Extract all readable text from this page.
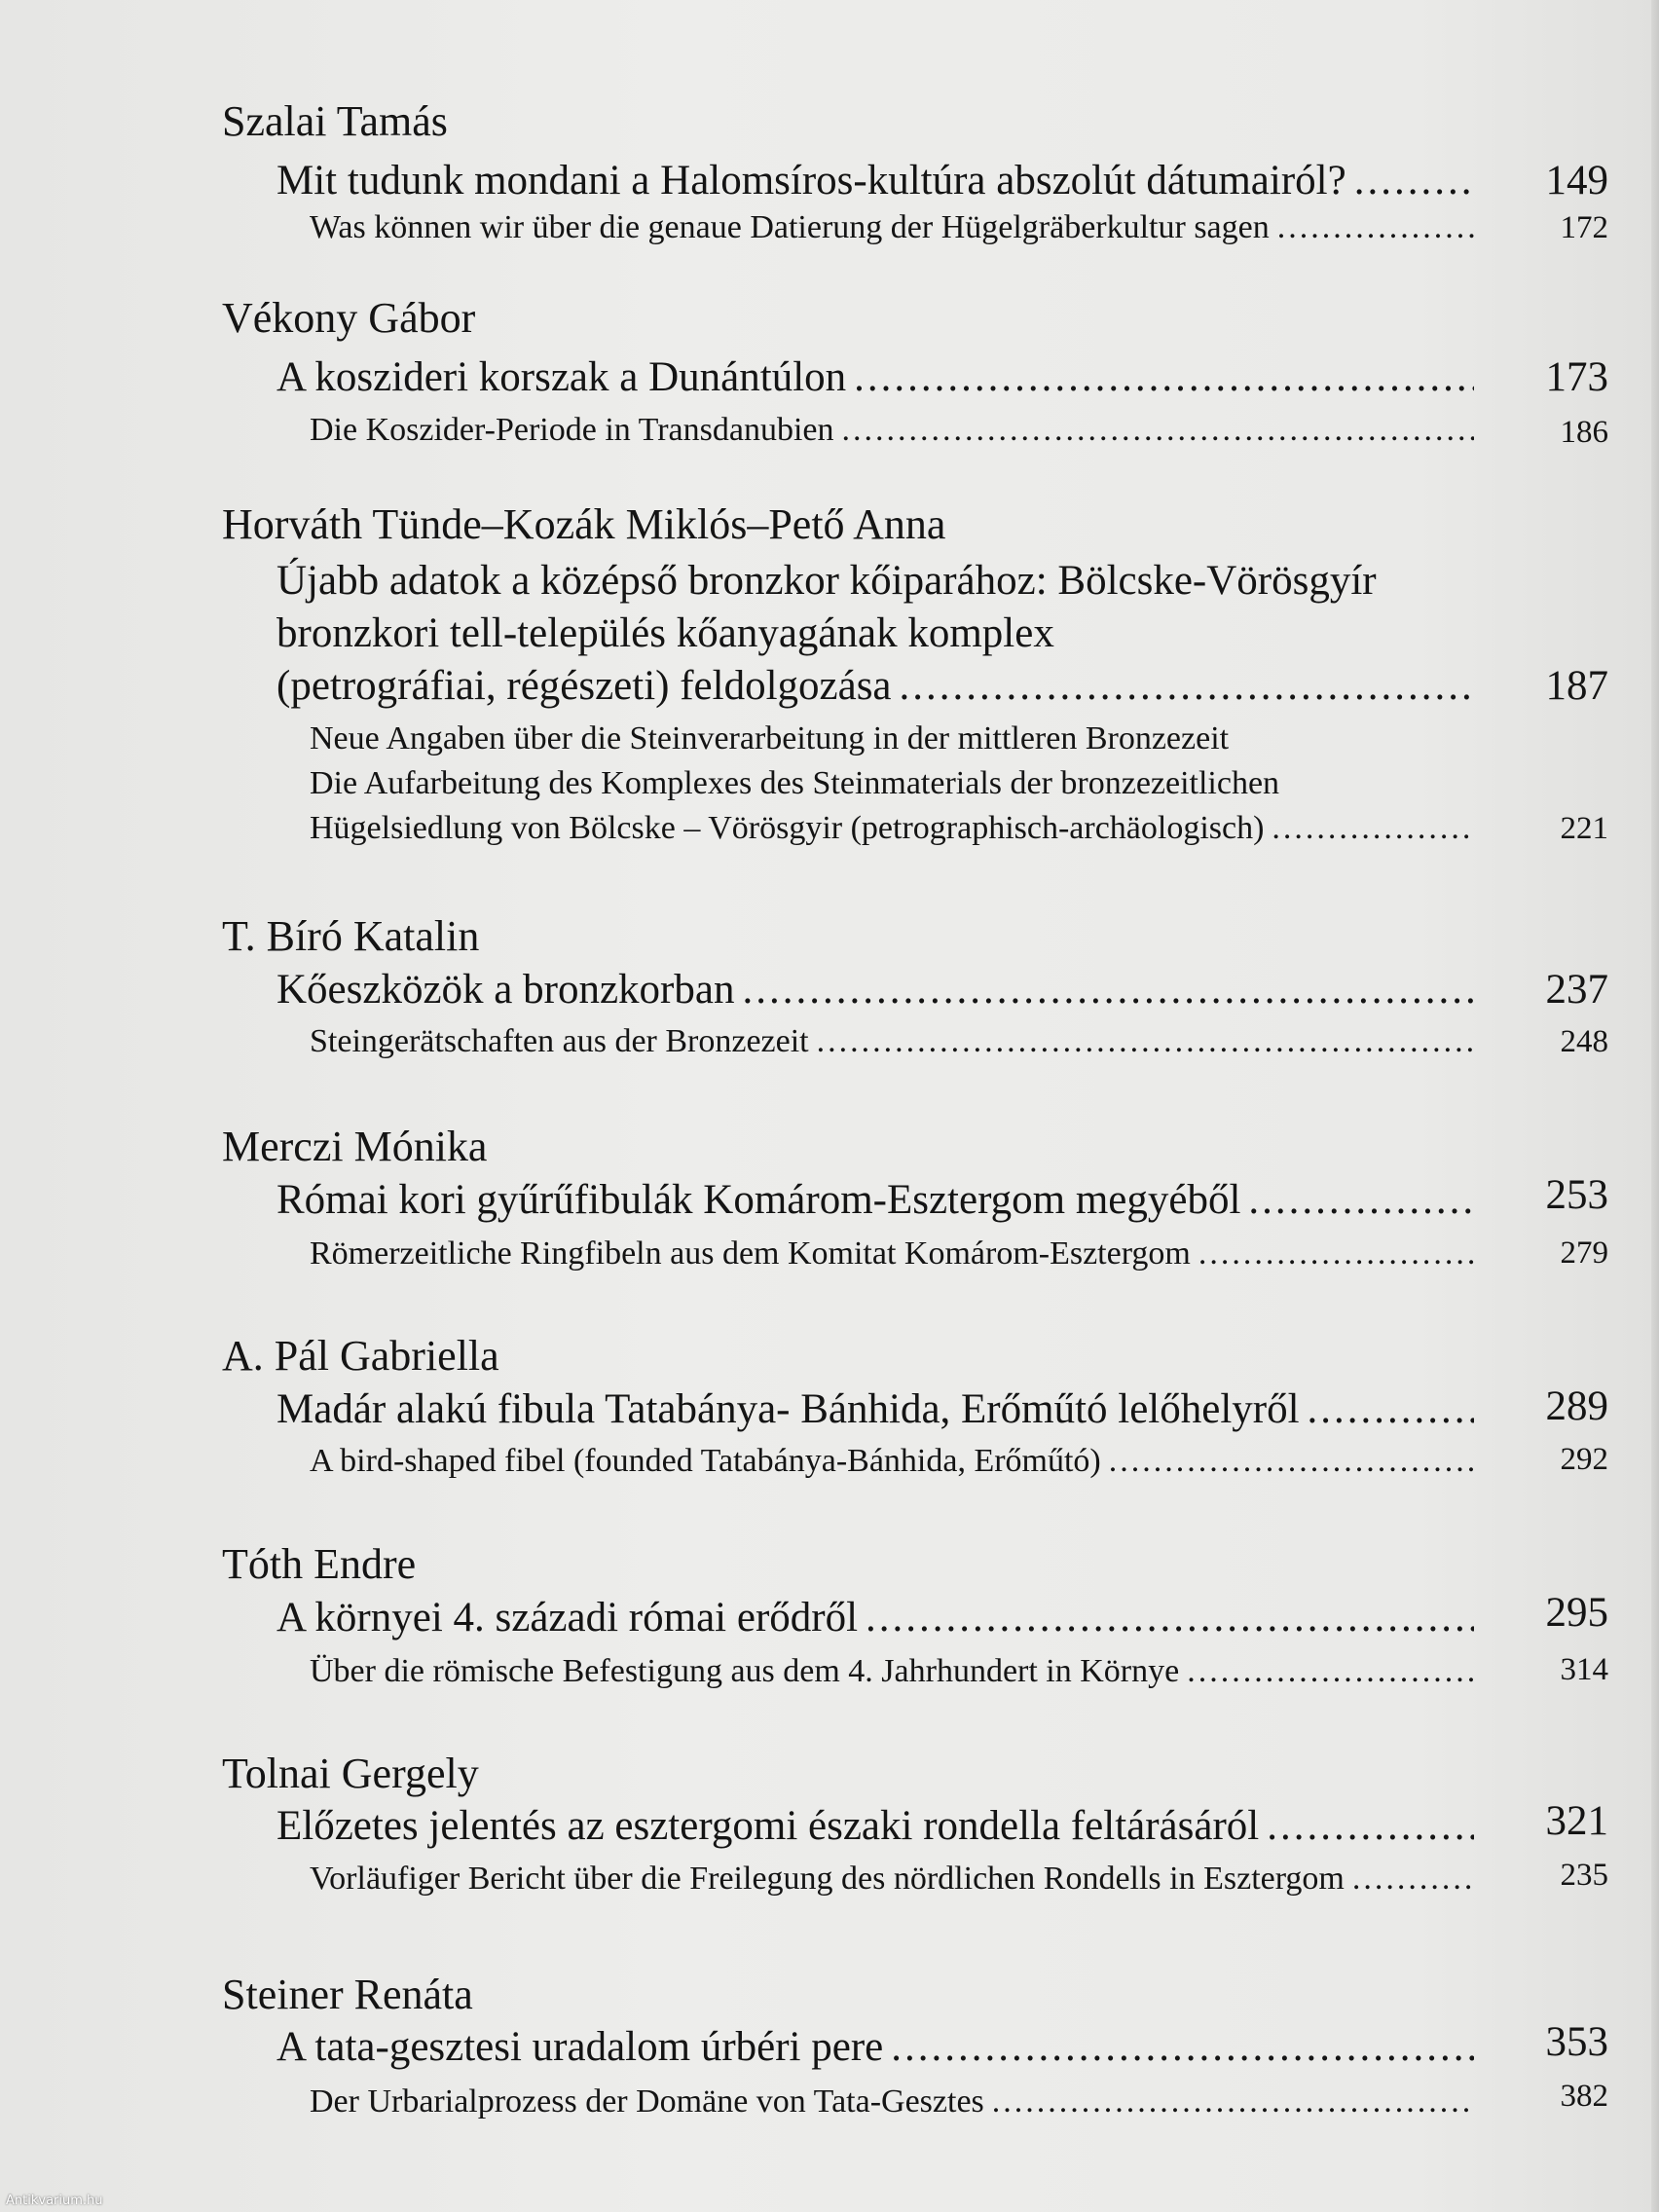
Szalai Tamás
Mit tudunk mondani a Halomsíros-kultúra abszolút dátumairól? .....	149
Was können wir über die genaue Datierung der Hügelgräberkultur sagen .....	172
Vékony Gábor
A koszideri korszak a Dunántúlon .....	173
Die Koszider-Periode in Transdanubien .....	186
Horváth Tünde–Kozák Miklós–Pető Anna
Újabb adatok a középső bronzkor kőiparához: Bölcske-Vörösgyír
bronzkori tell-település kőanyagának komplex
(petrográfiai, régészeti) feldolgozása .....	187
Neue Angaben über die Steinverarbeitung in der mittleren Bronzezeit
Die Aufarbeitung des Komplexes des Steinmaterials der bronzezeitlichen
Hügelsiedlung von Bölcske – Vörösgyir (petrographisch-archäologisch) .....	221
T. Bíró Katalin
Kőeszközök a bronzkorban .....	237
Steingerätschaften aus der Bronzezeit .....	248
Merczi Mónika
Római kori gyűrűfibulák Komárom-Esztergom megyéből .....	253
Römerzeitliche Ringfibeln aus dem Komitat Komárom-Esztergom .....	279
A. Pál Gabriella
Madár alakú fibula Tatabánya- Bánhida, Erőműtó lelőhelyről .....	289
A bird-shaped fibel (founded Tatabánya-Bánhida, Erőműtó) .....	292
Tóth Endre
A környei 4. századi római erődről .....	295
Über die römische Befestigung aus dem 4. Jahrhundert in Környe .....	314
Tolnai Gergely
Előzetes jelentés az esztergomi északi rondella feltárásáról .....	321
Vorläufiger Bericht über die Freilegung des nördlichen Rondells in Esztergom .....	235
Steiner Renáta
A tata-gesztesi uradalom úrbéri pere .....	353
Der Urbarialprozess der Domäne von Tata-Gesztes .....	382
Antikvarium.hu
